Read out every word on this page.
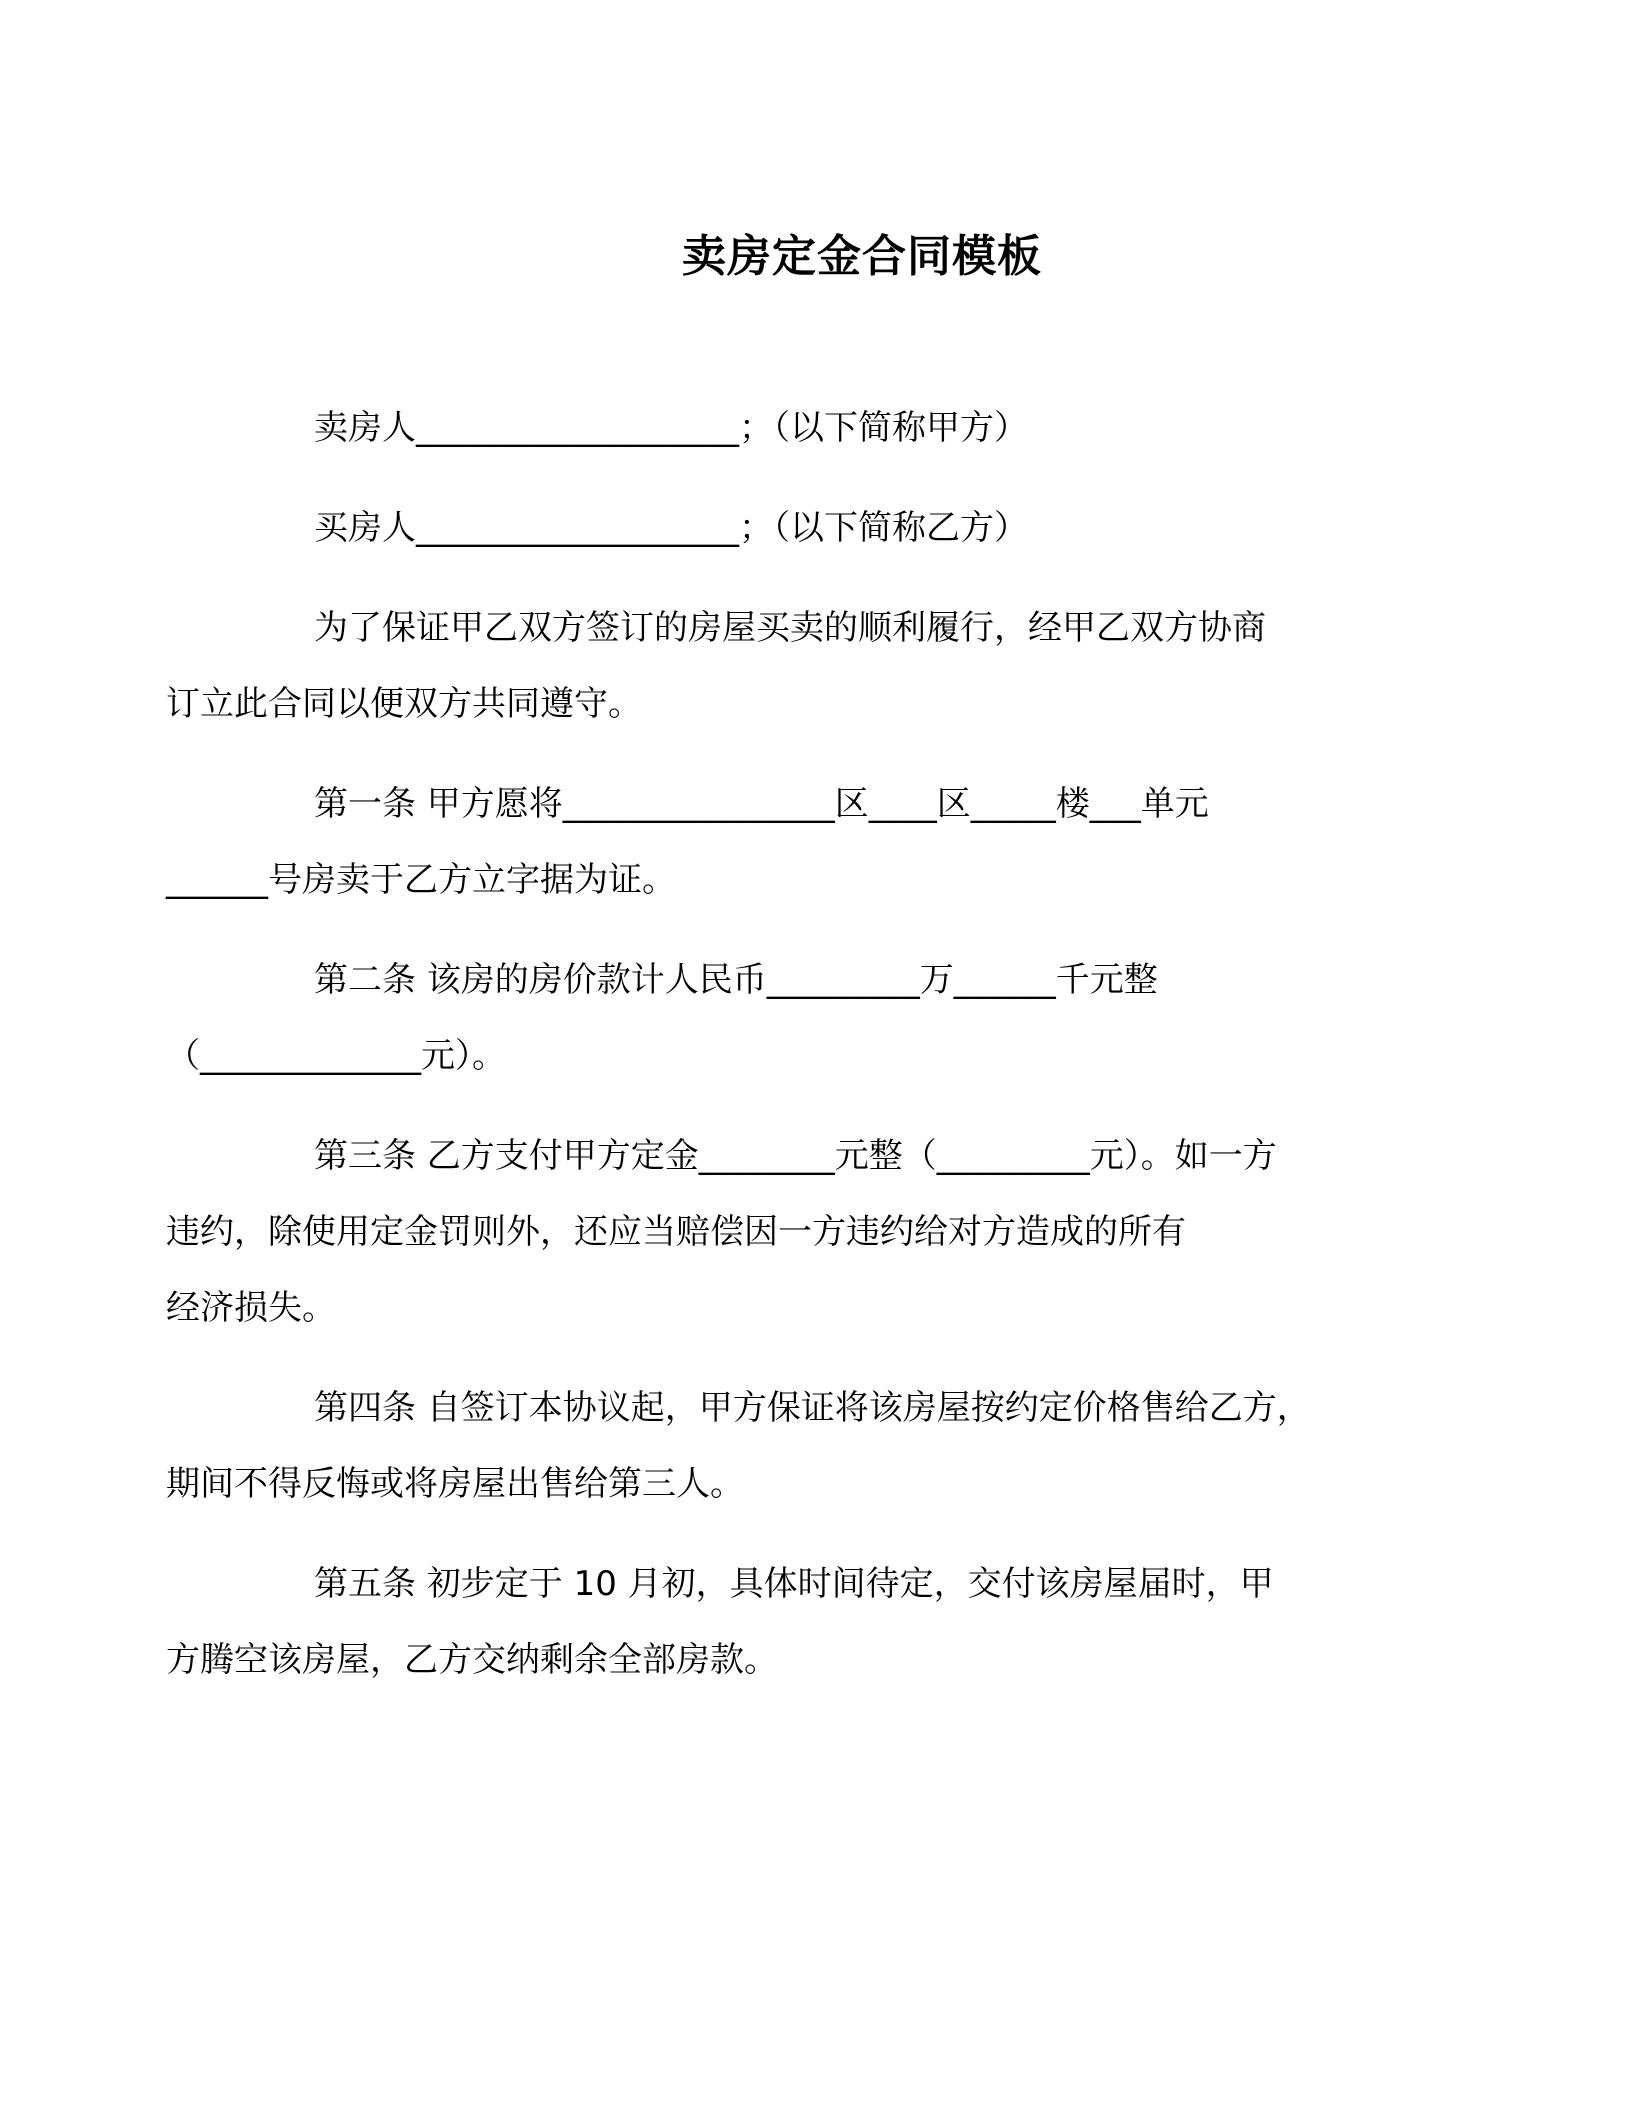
卖房定金合同模板

卖房人___________________；（以下简称甲方）

买房人___________________；（以下简称乙方）

为了保证甲乙双方签订的房屋买卖的顺利履行，经甲乙双方协商
订立此合同以便双方共同遵守。

第一条 甲方愿将________________区____区_____楼___单元
______号房卖于乙方立字据为证。

第二条 该房的房价款计人民币_________万______千元整
（_____________元）。

第三条 乙方支付甲方定金________元整（_________元）。如一方
违约，除使用定金罚则外，还应当赔偿因一方违约给对方造成的所有
经济损失。

第四条 自签订本协议起，甲方保证将该房屋按约定价格售给乙方，
期间不得反悔或将房屋出售给第三人。

第五条 初步定于 10 月初，具体时间待定，交付该房屋届时，甲
方腾空该房屋，乙方交纳剩余全部房款。
